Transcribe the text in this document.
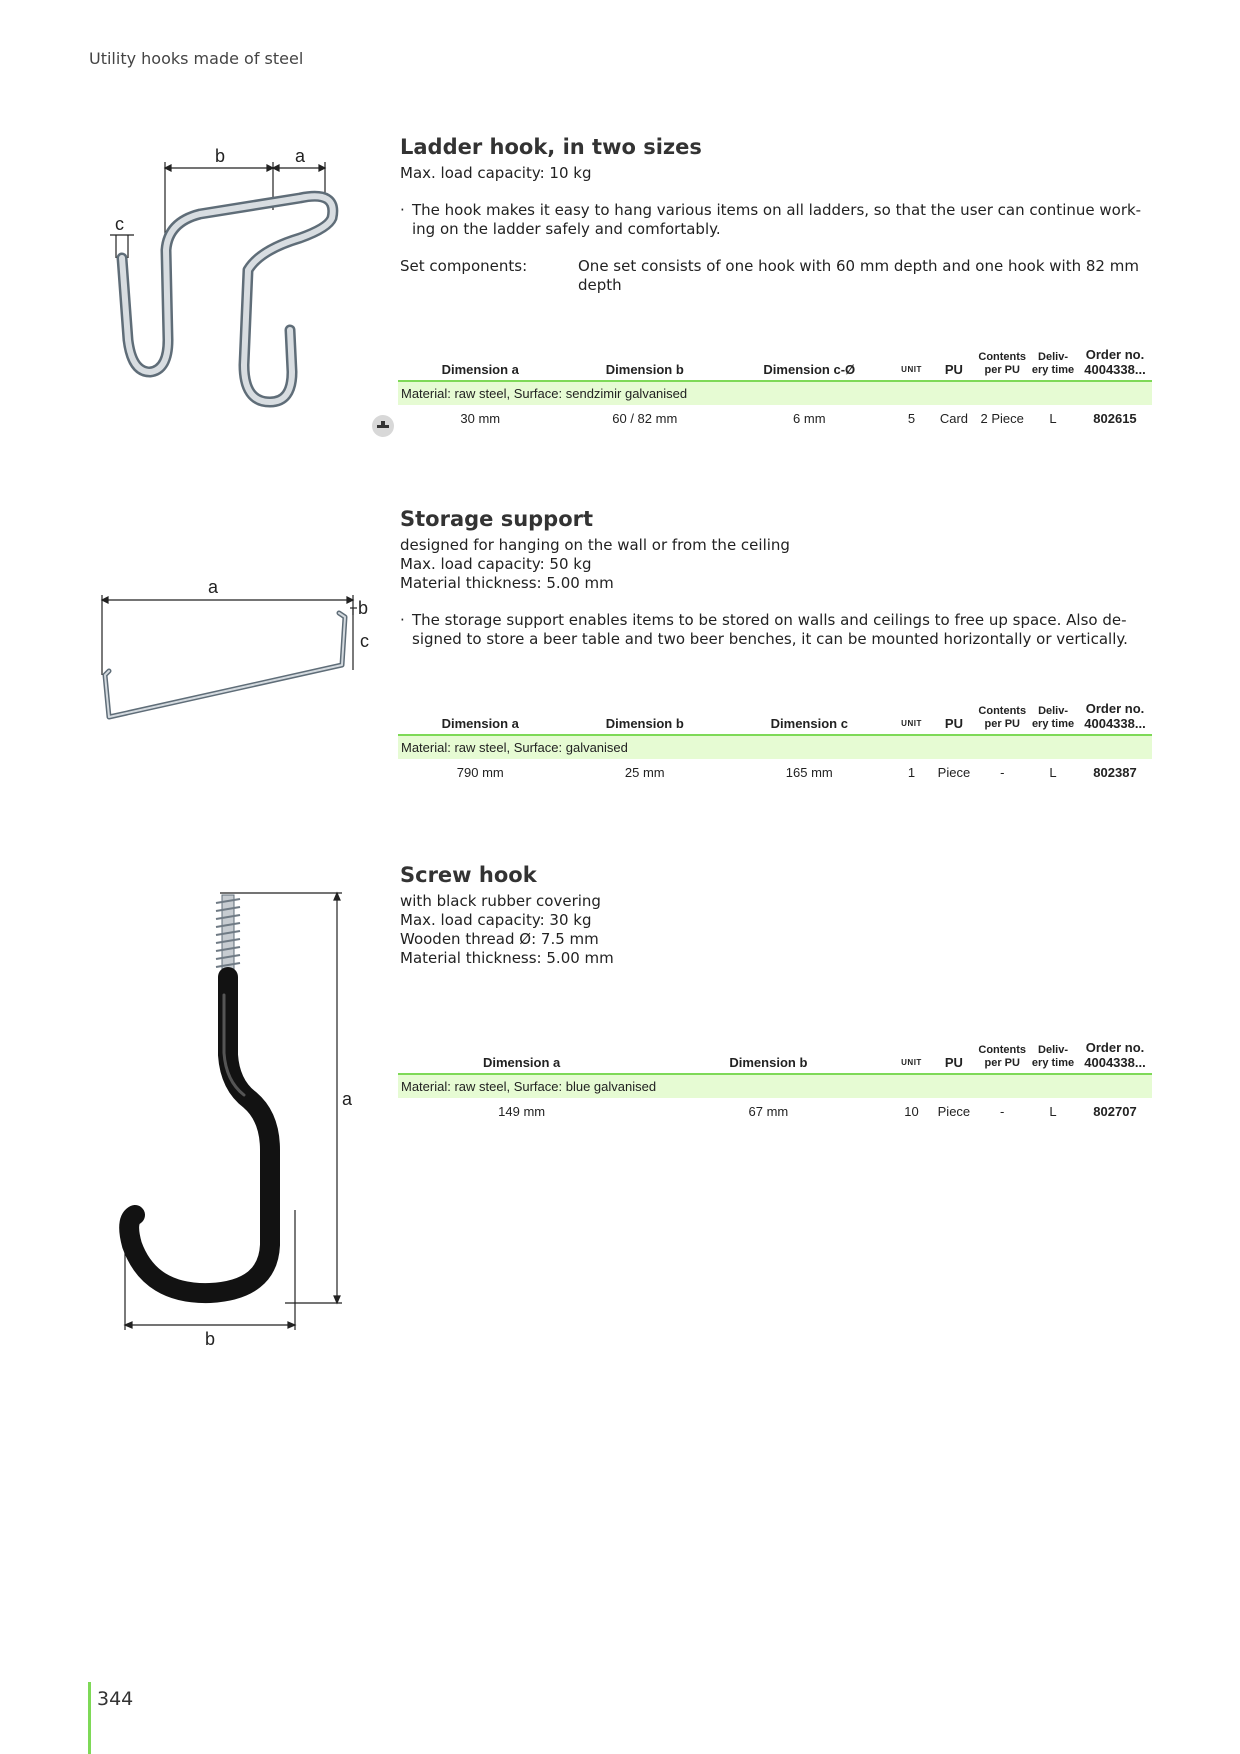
Utility hooks made of steel
b	a
c
Ladder hook, in two sizes
Max. load capacity: 10 kg
· The hook makes it easy to hang various items on all ladders, so that the user can continue work-ing on the ladder safely and comfortably.
Set components:	One set consists of one hook with 60 mm depth and one hook with 82 mm depth
Dimension a	Dimension b	Dimension c-Ø	UNIT	PU	Contents per PU	Deliv-ery time	Order no. 4004338...
Material: raw steel, Surface: sendzimir galvanised							
30 mm	60 / 82 mm	6 mm	5	Card	2 Piece	L	802615
a
b
c
Storage support
designed for hanging on the wall or from the ceiling
Max. load capacity: 50 kg
Material thickness: 5.00 mm
· The storage support enables items to be stored on walls and ceilings to free up space. Also de-signed to store a beer table and two beer benches, it can be mounted horizontally or vertically.
Dimension a	Dimension b	Dimension c	UNIT	PU	Contents per PU	Deliv-ery time	Order no. 4004338...
Material: raw steel, Surface: galvanised							
790 mm	25 mm	165 mm	1	Piece	-	L	802387
a
b
Screw hook
with black rubber covering
Max. load capacity: 30 kg
Wooden thread Ø: 7.5 mm
Material thickness: 5.00 mm
Dimension a	Dimension b	UNIT	PU	Contents per PU	Deliv-ery time	Order no. 4004338...
Material: raw steel, Surface: blue galvanised						
149 mm	67 mm	10	Piece	-	L	802707
344
